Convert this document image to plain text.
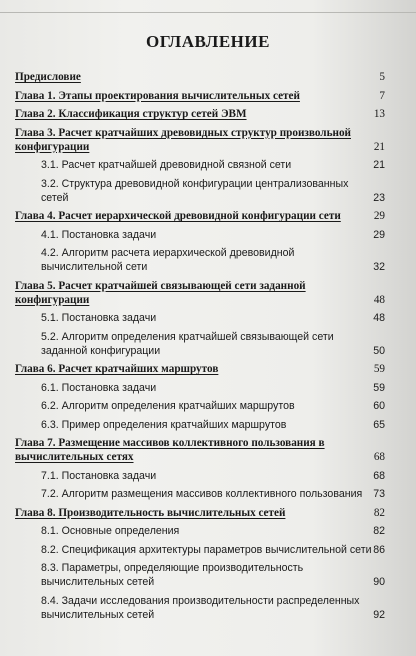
ОГЛАВЛЕНИЕ
Предисловие	5
Глава 1. Этапы проектирования вычислительных сетей	7
Глава 2. Классификация структур сетей ЭВМ	13
Глава 3. Расчет кратчайших древовидных структур произвольной конфигурации	21
3.1. Расчет кратчайшей древовидной связной сети	21
3.2. Структура древовидной конфигурации централизованных сетей	23
Глава 4. Расчет иерархической древовидной конфигурации сети	29
4.1. Постановка задачи	29
4.2. Алгоритм расчета иерархической древовидной вычислительной сети	32
Глава 5. Расчет кратчайшей связывающей сети заданной конфигурации	48
5.1. Постановка задачи	48
5.2. Алгоритм определения кратчайшей связывающей сети заданной конфигурации	50
Глава 6. Расчет кратчайших маршрутов	59
6.1. Постановка задачи	59
6.2. Алгоритм определения кратчайших маршрутов	60
6.3. Пример определения кратчайших маршрутов	65
Глава 7. Размещение массивов коллективного пользования в вычислительных сетях	68
7.1. Постановка задачи	68
7.2. Алгоритм размещения массивов коллективного пользования	73
Глава 8. Производительность вычислительных сетей	82
8.1. Основные определения	82
8.2. Спецификация архитектуры параметров вычислительной сети 86
8.3. Параметры, определяющие производительность вычислительных сетей	90
8.4. Задачи исследования производительности распределенных вычислительных сетей	92
